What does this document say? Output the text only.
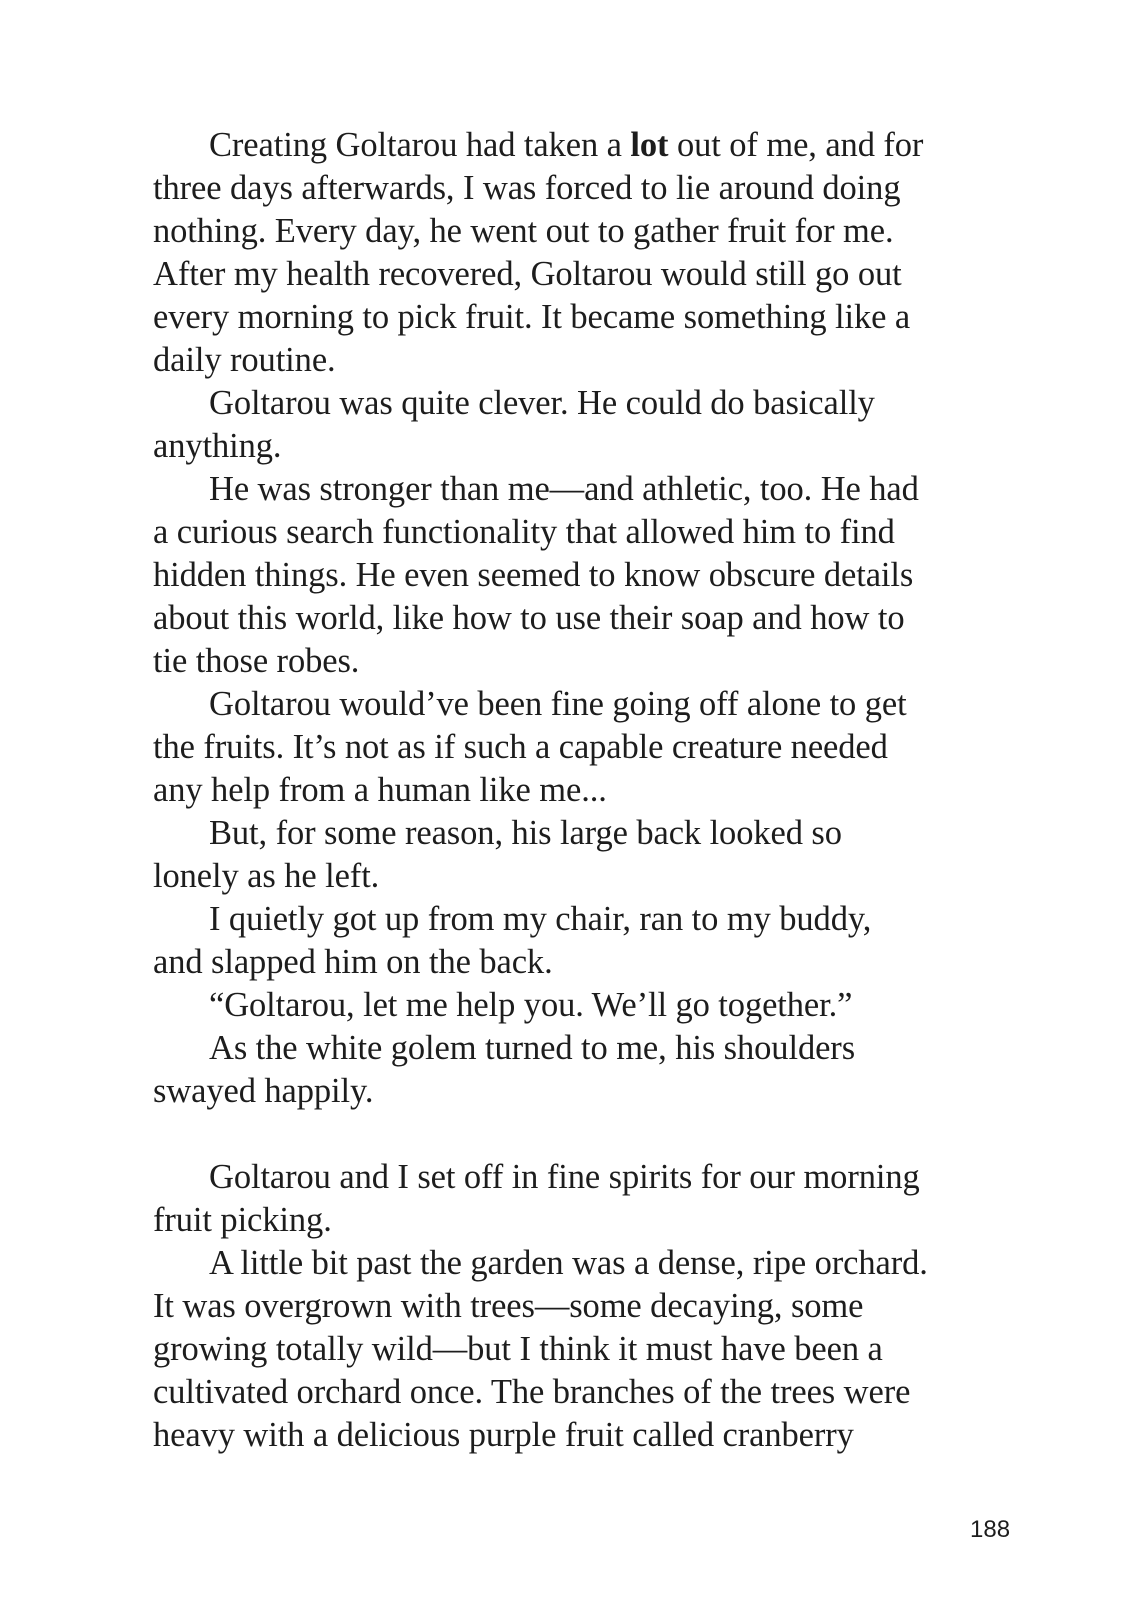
Creating Goltarou had taken a lot out of me, and for

three days afterwards, I was forced to lie around doing

nothing. Every day, he went out to gather fruit for me.

After my health recovered, Goltarou would still go out

every morning to pick fruit. It became something like a

daily routine.

Goltarou was quite clever. He could do basically

anything.

He was stronger than me—and athletic, too. He had

a curious search functionality that allowed him to find

hidden things. He even seemed to know obscure details

about this world, like how to use their soap and how to

tie those robes.

Goltarou would’ve been fine going off alone to get

the fruits. It’s not as if such a capable creature needed

any help from a human like me...

But, for some reason, his large back looked so

lonely as he left.

I quietly got up from my chair, ran to my buddy,

and slapped him on the back.

“Goltarou, let me help you. We’ll go together.”

As the white golem turned to me, his shoulders

swayed happily.

Goltarou and I set off in fine spirits for our morning

fruit picking.

A little bit past the garden was a dense, ripe orchard.

It was overgrown with trees—some decaying, some

growing totally wild—but I think it must have been a

cultivated orchard once. The branches of the trees were

heavy with a delicious purple fruit called cranberry

188
